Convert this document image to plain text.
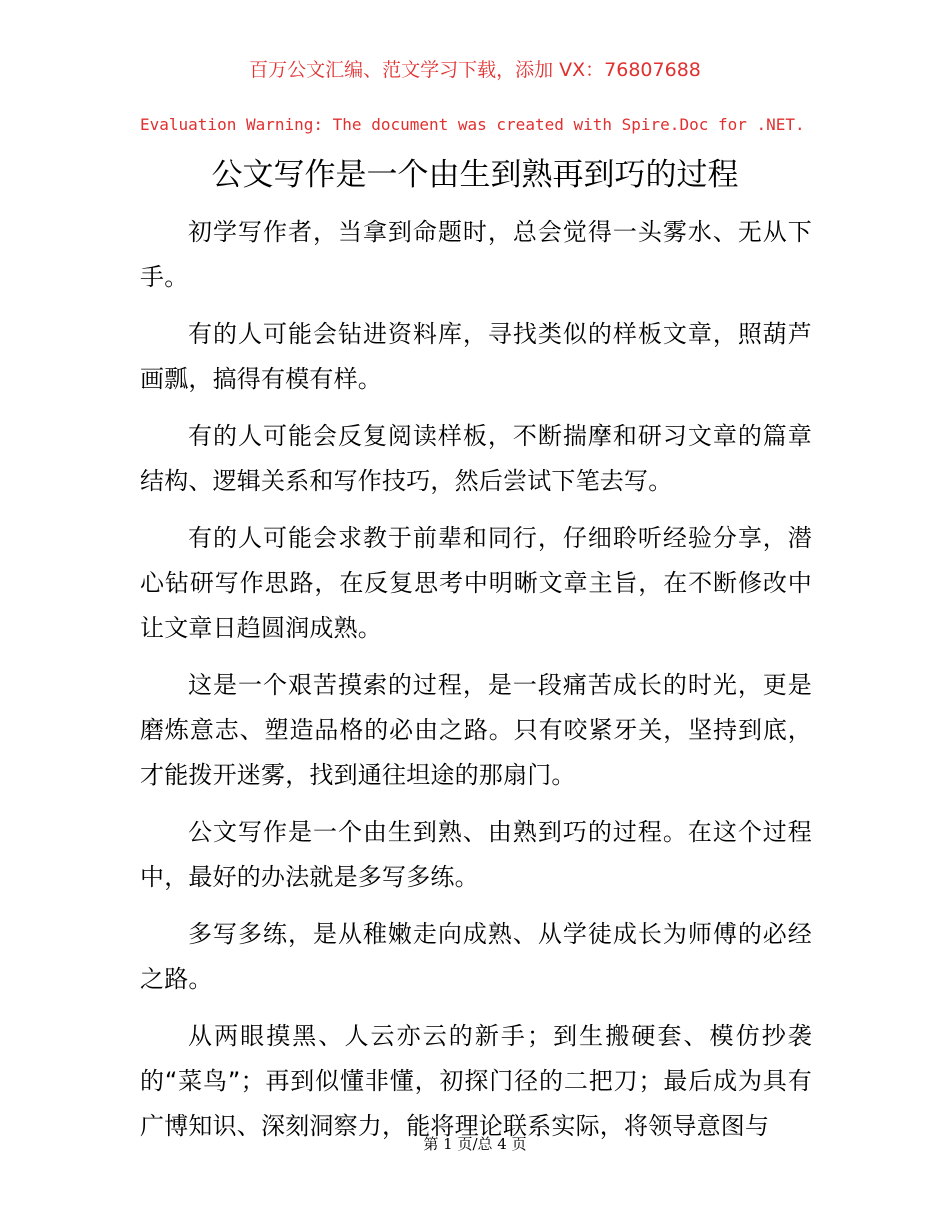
百万公文汇编、范文学习下载，添加 VX：76807688
Evaluation Warning: The document was created with Spire.Doc for .NET.
公文写作是一个由生到熟再到巧的过程

初学写作者，当拿到命题时，总会觉得一头雾水、无从下手。

有的人可能会钻进资料库，寻找类似的样板文章，照葫芦画瓢，搞得有模有样。

有的人可能会反复阅读样板，不断揣摩和研习文章的篇章结构、逻辑关系和写作技巧，然后尝试下笔去写。

有的人可能会求教于前辈和同行，仔细聆听经验分享，潜心钻研写作思路，在反复思考中明晰文章主旨，在不断修改中让文章日趋圆润成熟。

这是一个艰苦摸索的过程，是一段痛苦成长的时光，更是磨炼意志、塑造品格的必由之路。只有咬紧牙关，坚持到底，才能拨开迷雾，找到通往坦途的那扇门。

公文写作是一个由生到熟、由熟到巧的过程。在这个过程中，最好的办法就是多写多练。

多写多练，是从稚嫩走向成熟、从学徒成长为师傅的必经之路。

从两眼摸黑、人云亦云的新手；到生搬硬套、模仿抄袭的“菜鸟”；再到似懂非懂，初探门径的二把刀；最后成为具有广博知识、深刻洞察力，能将理论联系实际，将领导意图与

第 1 页/总 4 页
